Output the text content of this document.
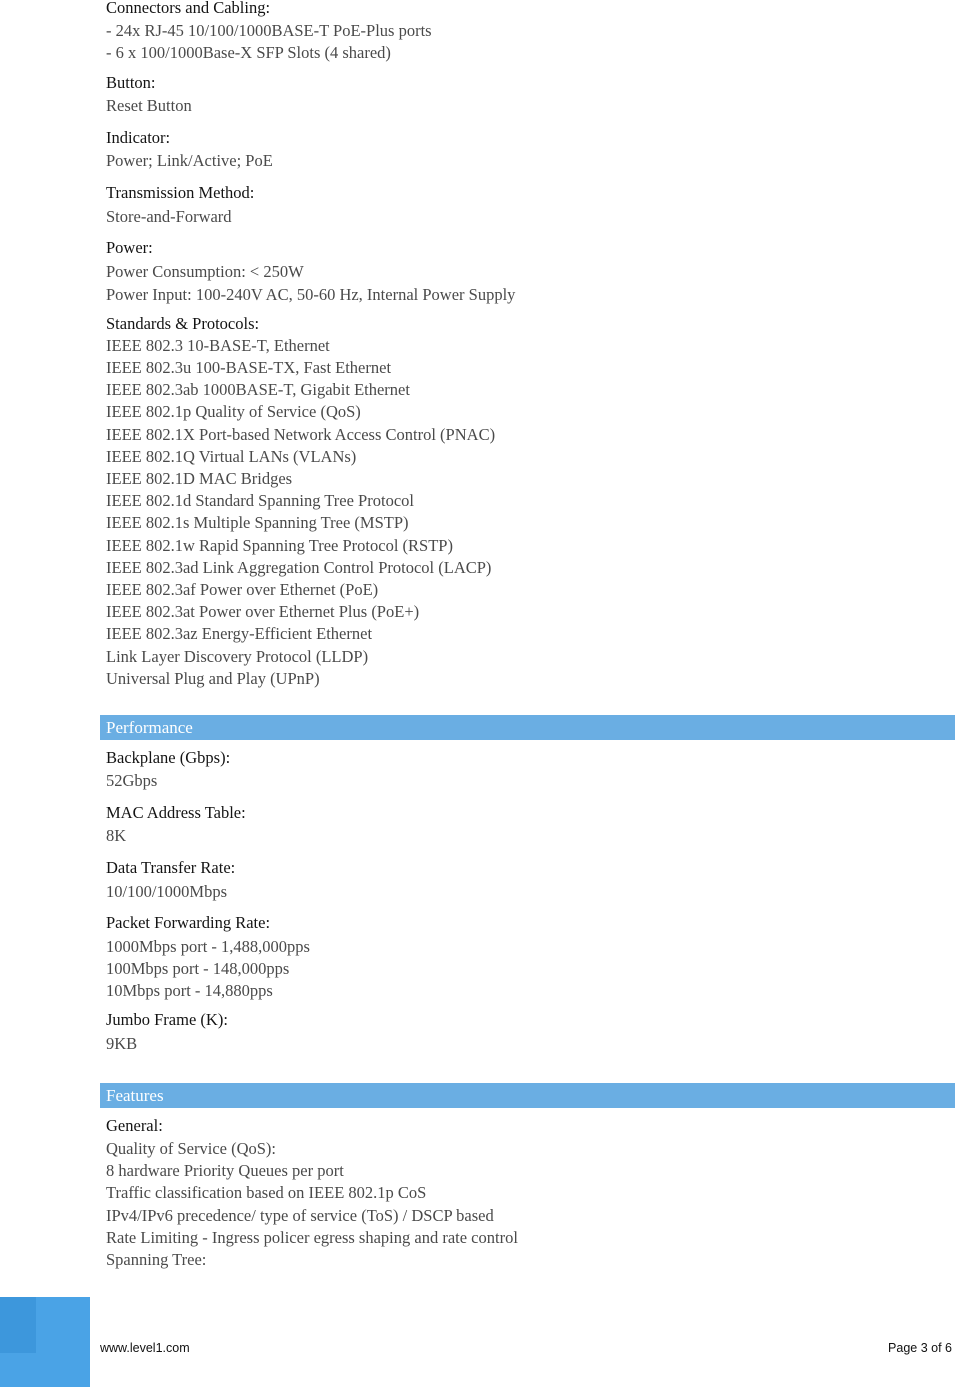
Connectors and Cabling:
- 24x RJ-45 10/100/1000BASE-T PoE-Plus ports
- 6 x 100/1000Base-X SFP Slots (4 shared)
Button:
Reset Button
Indicator:
Power; Link/Active; PoE
Transmission Method:
Store-and-Forward
Power:
Power Consumption: < 250W
Power Input: 100-240V AC, 50-60 Hz, Internal Power Supply
Standards & Protocols:
IEEE 802.3 10-BASE-T, Ethernet
IEEE 802.3u 100-BASE-TX, Fast Ethernet
IEEE 802.3ab 1000BASE-T, Gigabit Ethernet
IEEE 802.1p Quality of Service (QoS)
IEEE 802.1X Port-based Network Access Control (PNAC)
IEEE 802.1Q Virtual LANs (VLANs)
IEEE 802.1D MAC Bridges
IEEE 802.1d Standard Spanning Tree Protocol
IEEE 802.1s Multiple Spanning Tree (MSTP)
IEEE 802.1w Rapid Spanning Tree Protocol (RSTP)
IEEE 802.3ad Link Aggregation Control Protocol (LACP)
IEEE 802.3af Power over Ethernet (PoE)
IEEE 802.3at Power over Ethernet Plus (PoE+)
IEEE 802.3az Energy-Efficient Ethernet
Link Layer Discovery Protocol (LLDP)
Universal Plug and Play (UPnP)
Performance
Backplane (Gbps):
52Gbps
MAC Address Table:
8K
Data Transfer Rate:
10/100/1000Mbps
Packet Forwarding Rate:
1000Mbps port - 1,488,000pps
100Mbps port - 148,000pps
10Mbps port - 14,880pps
Jumbo Frame (K):
9KB
Features
General:
Quality of Service (QoS):
8 hardware Priority Queues per port
Traffic classification based on IEEE 802.1p CoS
IPv4/IPv6 precedence/ type of service (ToS) / DSCP based
Rate Limiting - Ingress policer egress shaping and rate control
Spanning Tree:
www.level1.com	Page 3 of 6
